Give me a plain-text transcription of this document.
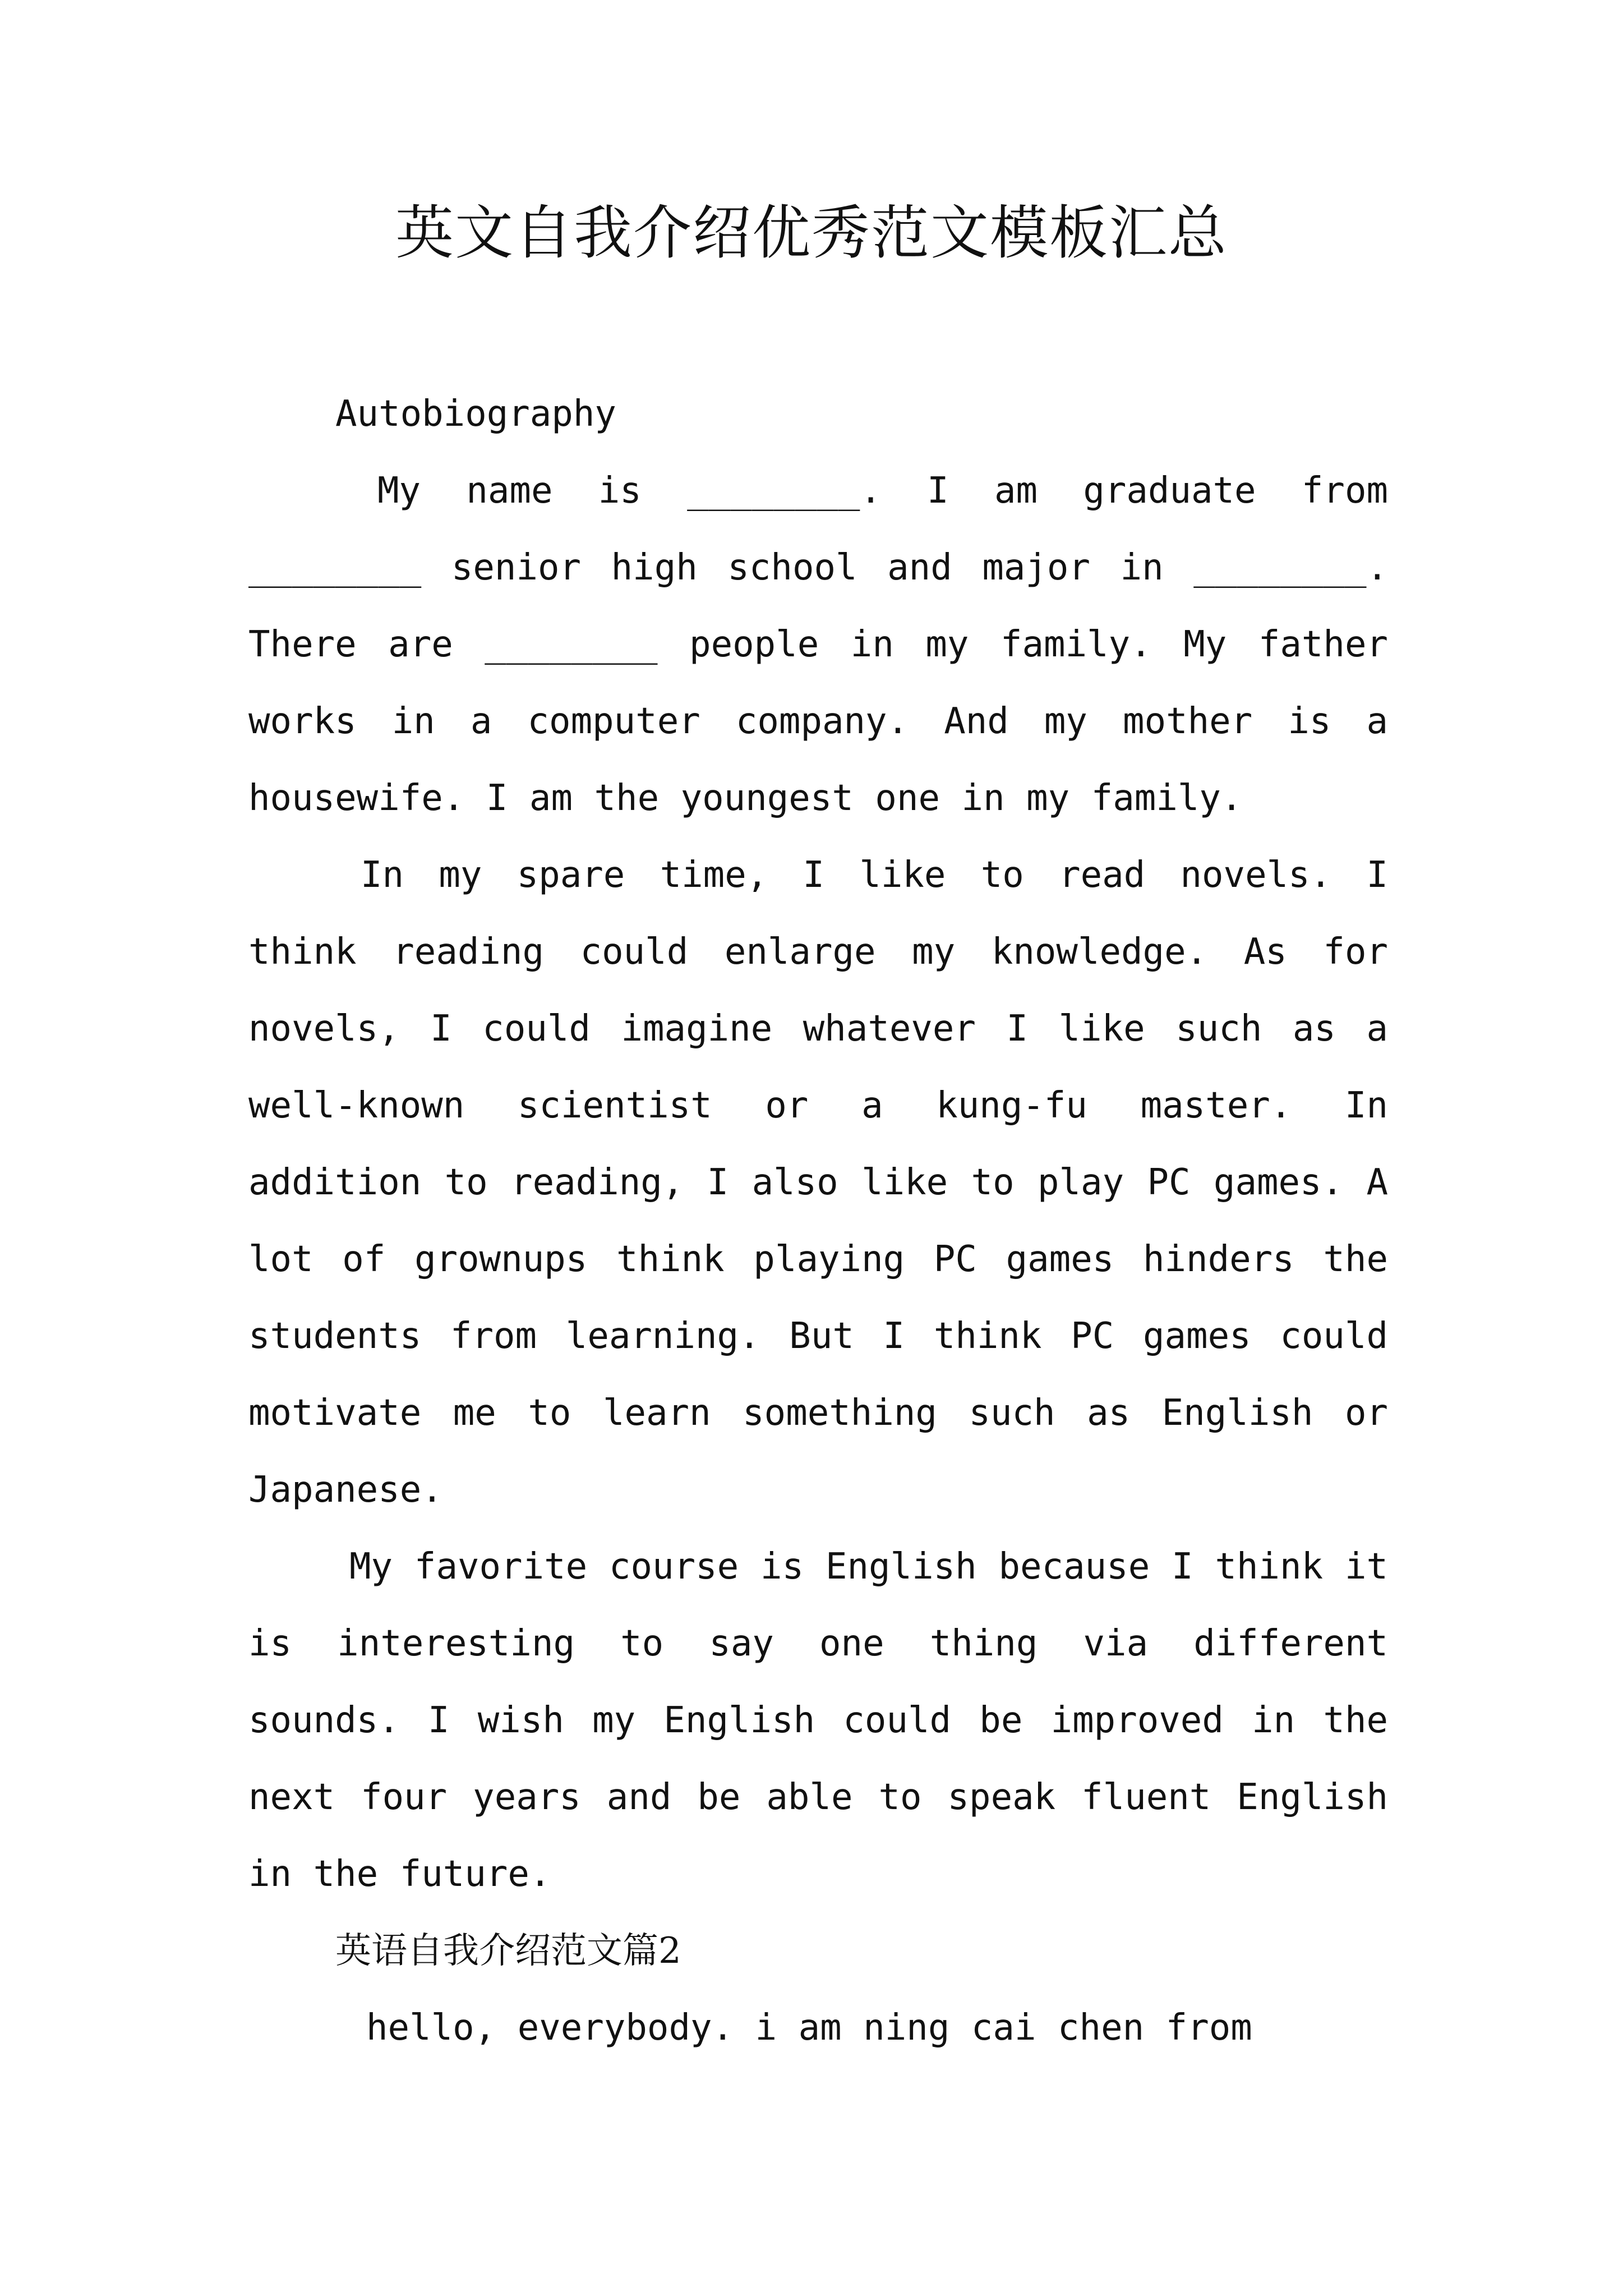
英文自我介绍优秀范文模板汇总

Autobiography

My name is ________. I am graduate from ________ senior high school and major in ________. There are ________ people in my family. My father works in a computer company. And my mother is a housewife. I am the youngest one in my family.

In my spare time, I like to read novels. I think reading could enlarge my knowledge. As for novels, I could imagine whatever I like such as a well-known scientist or a kung-fu master. In addition to reading, I also like to play PC games. A lot of grownups think playing PC games hinders the students from learning. But I think PC games could motivate me to learn something such as English or Japanese.

My favorite course is English because I think it is interesting to say one thing via different sounds. I wish my English could be improved in the next four years and be able to speak fluent English in the future.

英语自我介绍范文篇2

hello, everybody. i am ning cai chen from
